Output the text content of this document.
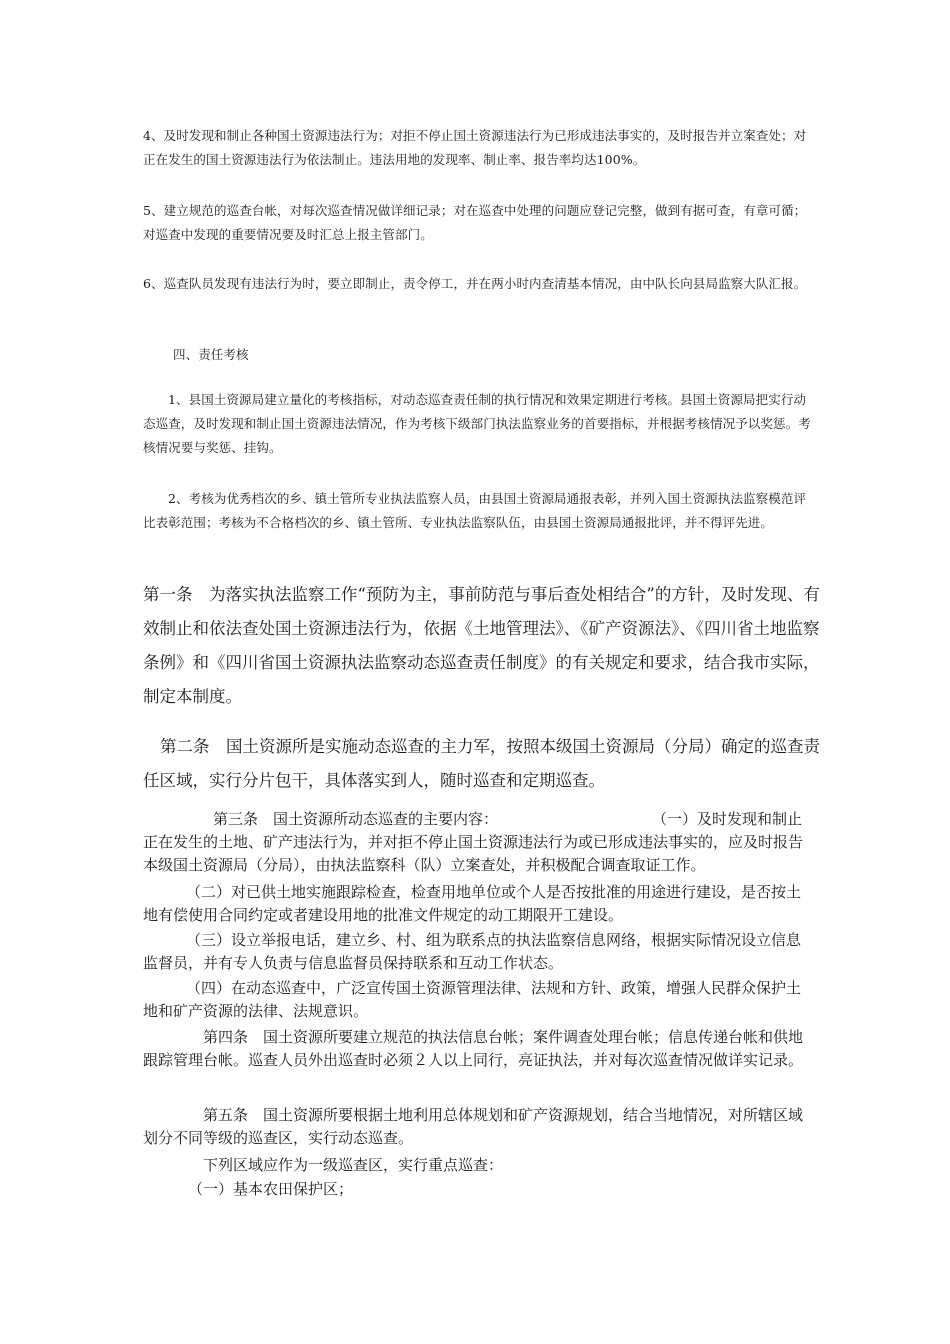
4、及时发现和制止各种国土资源违法行为；对拒不停止国土资源违法行为已形成违法事实的，及时报告并立案查处；对正在发生的国土资源违法行为依法制止。违法用地的发现率、制止率、报告率均达100%。

5、建立规范的巡查台帐，对每次巡查情况做详细记录；对在巡查中处理的问题应登记完整，做到有据可查，有章可循；对巡查中发现的重要情况要及时汇总上报主管部门。

6、巡查队员发现有违法行为时，要立即制止，责令停工，并在两小时内查清基本情况，由中队长向县局监察大队汇报。

四、责任考核

1、县国土资源局建立量化的考核指标，对动态巡查责任制的执行情况和效果定期进行考核。县国土资源局把实行动态巡查，及时发现和制止国土资源违法情况，作为考核下级部门执法监察业务的首要指标，并根据考核情况予以奖惩。考核情况要与奖惩、挂钩。

2、考核为优秀档次的乡、镇土管所专业执法监察人员，由县国土资源局通报表彰，并列入国土资源执法监察模范评比表彰范围；考核为不合格档次的乡、镇土管所、专业执法监察队伍，由县国土资源局通报批评，并不得评先进。

第一条　为落实执法监察工作“预防为主，事前防范与事后查处相结合”的方针，及时发现、有效制止和依法查处国土资源违法行为，依据《土地管理法》、《矿产资源法》、《四川省土地监察条例》和《四川省国土资源执法监察动态巡查责任制度》的有关规定和要求，结合我市实际，制定本制度。

第二条　国土资源所是实施动态巡查的主力军，按照本级国土资源局（分局）确定的巡查责任区域，实行分片包干，具体落实到人，随时巡查和定期巡查。

第三条　国土资源所动态巡查的主要内容：	（一）及时发现和制止正在发生的土地、矿产违法行为，并对拒不停止国土资源违法行为或已形成违法事实的，应及时报告本级国土资源局（分局），由执法监察科（队）立案查处，并积极配合调查取证工作。

（二）对已供土地实施跟踪检查，检查用地单位或个人是否按批准的用途进行建设，是否按土地有偿使用合同约定或者建设用地的批准文件规定的动工期限开工建设。

（三）设立举报电话，建立乡、村、组为联系点的执法监察信息网络，根据实际情况设立信息监督员，并有专人负责与信息监督员保持联系和互动工作状态。

（四）在动态巡查中，广泛宣传国土资源管理法律、法规和方针、政策，增强人民群众保护土地和矿产资源的法律、法规意识。

第四条　国土资源所要建立规范的执法信息台帐；案件调查处理台帐；信息传递台帐和供地跟踪管理台帐。巡查人员外出巡查时必须２人以上同行，亮证执法，并对每次巡查情况做详实记录。

第五条　国土资源所要根据土地利用总体规划和矿产资源规划，结合当地情况，对所辖区域划分不同等级的巡查区，实行动态巡查。

下列区域应作为一级巡查区，实行重点巡查：

（一）基本农田保护区；
